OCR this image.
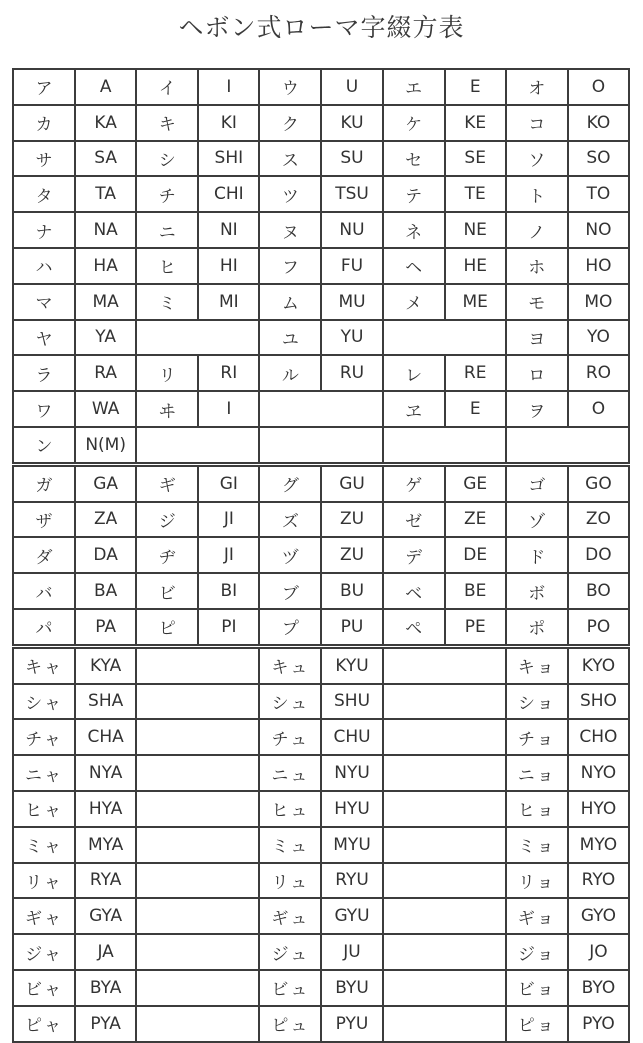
ヘボン式ローマ字綴方表
ア	A	イ	I	ウ	U	エ	E	オ	O
カ	KA	キ	KI	ク	KU	ケ	KE	コ	KO
サ	SA	シ	SHI	ス	SU	セ	SE	ソ	SO
タ	TA	チ	CHI	ツ	TSU	テ	TE	ト	TO
ナ	NA	ニ	NI	ヌ	NU	ネ	NE	ノ	NO
ハ	HA	ヒ	HI	フ	FU	ヘ	HE	ホ	HO
マ	MA	ミ	MI	ム	MU	メ	ME	モ	MO
ヤ	YA			ユ	YU			ヨ	YO
ラ	RA	リ	RI	ル	RU	レ	RE	ロ	RO
ワ	WA	ヰ	I			ヱ	E	ヲ	O
ン	N(M)								
ガ	GA	ギ	GI	グ	GU	ゲ	GE	ゴ	GO
ザ	ZA	ジ	JI	ズ	ZU	ゼ	ZE	ゾ	ZO
ダ	DA	ヂ	JI	ヅ	ZU	デ	DE	ド	DO
バ	BA	ビ	BI	ブ	BU	ベ	BE	ボ	BO
パ	PA	ピ	PI	プ	PU	ペ	PE	ポ	PO
キャ	KYA			キュ	KYU			キョ	KYO
シャ	SHA			シュ	SHU			ショ	SHO
チャ	CHA			チュ	CHU			チョ	CHO
ニャ	NYA			ニュ	NYU			ニョ	NYO
ヒャ	HYA			ヒュ	HYU			ヒョ	HYO
ミャ	MYA			ミュ	MYU			ミョ	MYO
リャ	RYA			リュ	RYU			リョ	RYO
ギャ	GYA			ギュ	GYU			ギョ	GYO
ジャ	JA			ジュ	JU			ジョ	JO
ビャ	BYA			ビュ	BYU			ビョ	BYO
ピャ	PYA			ピュ	PYU			ピョ	PYO
